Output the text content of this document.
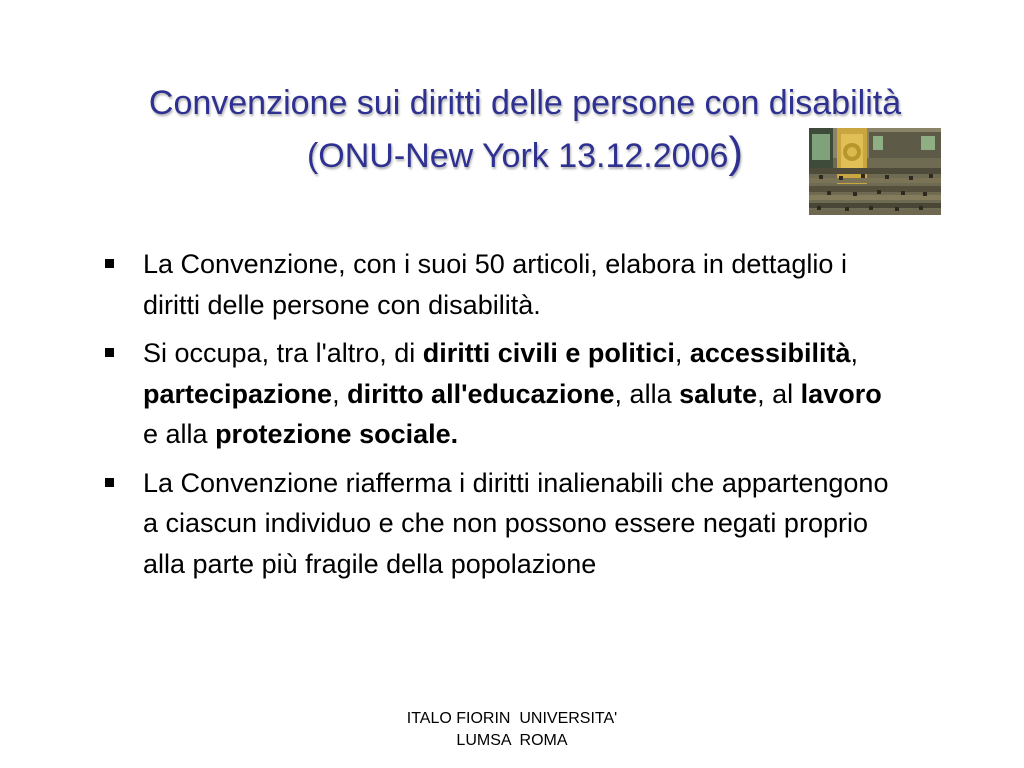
Convenzione sui diritti delle persone con disabilità
(ONU-New York 13.12.2006)
La Convenzione, con i suoi 50 articoli, elabora in dettaglio i diritti delle persone con disabilità.
Si occupa, tra l'altro, di diritti civili e politici, accessibilità, partecipazione, diritto all'educazione, alla salute, al lavoro e alla protezione sociale.
La Convenzione riafferma i diritti inalienabili che appartengono a ciascun individuo e che non possono essere negati proprio alla parte più fragile della popolazione
ITALO FIORIN  UNIVERSITA'
LUMSA  ROMA
